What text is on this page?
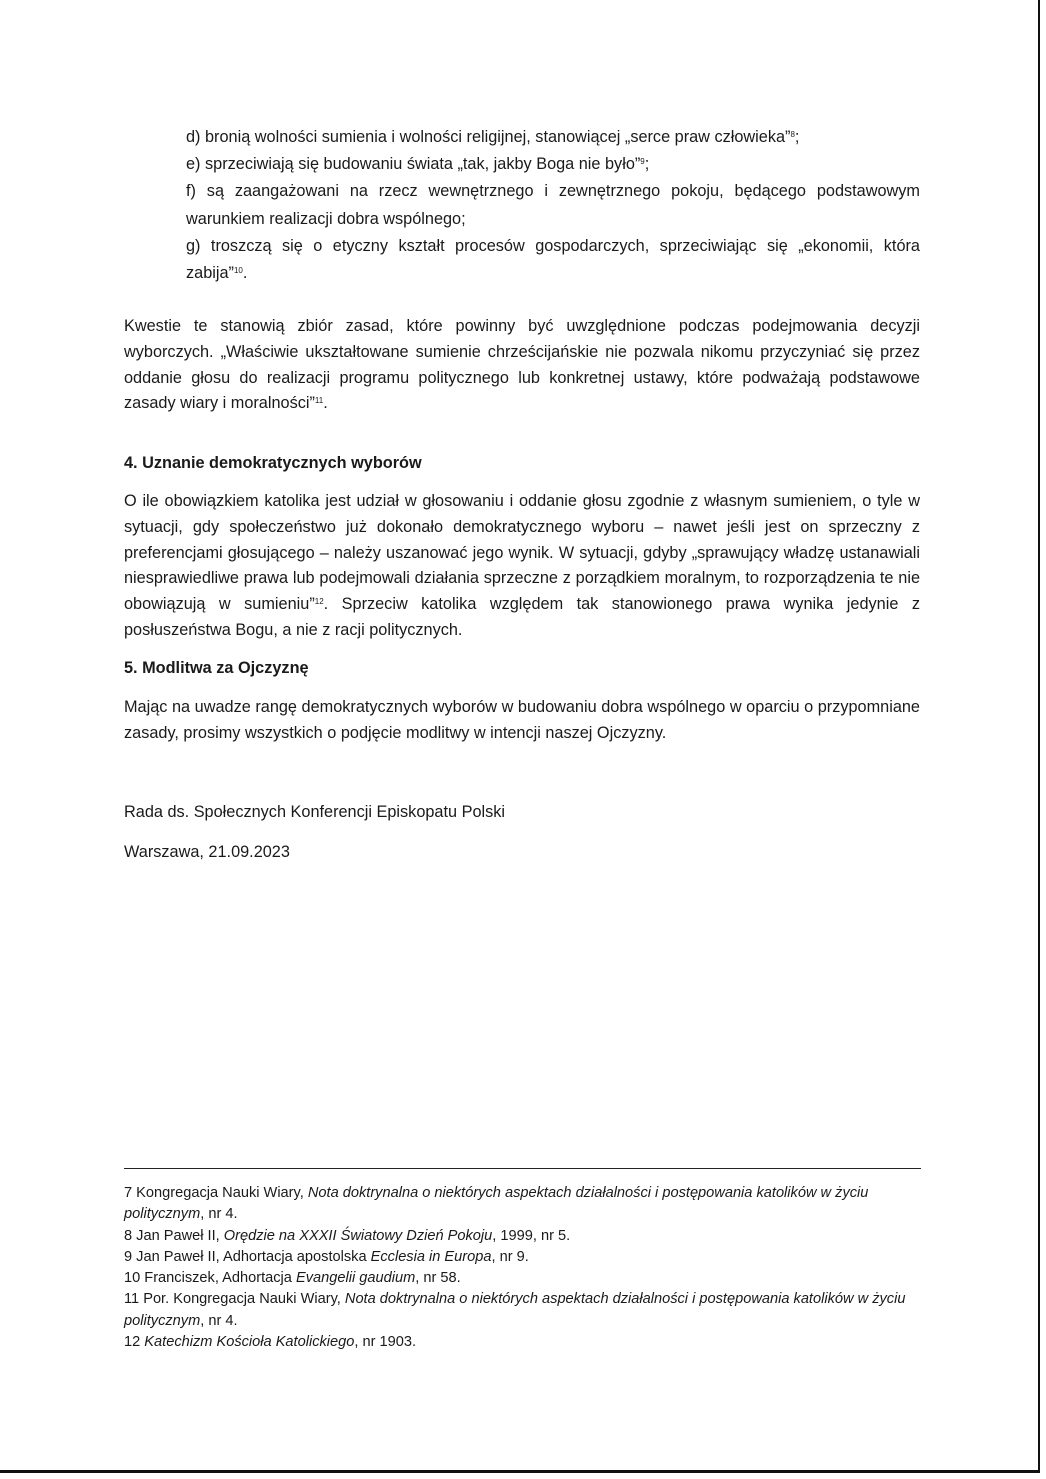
d) bronią wolności sumienia i wolności religijnej, stanowiącej „serce praw człowieka”$^8$;

e) sprzeciwiają się budowaniu świata „tak, jakby Boga nie było”$^9$;

f) są zaangażowani na rzecz wewnętrznego i zewnętrznego pokoju, będącego podstawowym warunkiem realizacji dobra wspólnego;

g) troszczą się o etyczny kształt procesów gospodarczych, sprzeciwiając się „ekonomii, która zabija”$^{10}$.

Kwestie te stanowią zbiór zasad, które powinny być uwzględnione podczas podejmowania decyzji wyborczych. „Właściwie ukształtowane sumienie chrześcijańskie nie pozwala nikomu przyczyniać się przez oddanie głosu do realizacji programu politycznego lub konkretnej ustawy, które podważają podstawowe zasady wiary i moralności”$^{11}$.

4. Uznanie demokratycznych wyborów

O ile obowiązkiem katolika jest udział w głosowaniu i oddanie głosu zgodnie z własnym sumieniem, o tyle w sytuacji, gdy społeczeństwo już dokonało demokratycznego wyboru – nawet jeśli jest on sprzeczny z preferencjami głosującego – należy uszanować jego wynik. W sytuacji, gdyby „sprawujący władzę ustanawiali niesprawiedliwe prawa lub podejmowali działania sprzeczne z porządkiem moralnym, to rozporządzenia te nie obowiązują w sumieniu”$^{12}$. Sprzeciw katolika względem tak stanowionego prawa wynika jedynie z posłuszeństwa Bogu, a nie z racji politycznych.

5. Modlitwa za Ojczyznę

Mając na uwadze rangę demokratycznych wyborów w budowaniu dobra wspólnego w oparciu o przypomniane zasady, prosimy wszystkich o podjęcie modlitwy w intencji naszej Ojczyzny.

Rada ds. Społecznych Konferencji Episkopatu Polski
Warszawa, 21.09.2023

7 Kongregacja Nauki Wiary, Nota doktrynalna o niektórych aspektach działalności i postępowania katolików w życiu politycznym, nr 4.

8 Jan Paweł II, Orędzie na XXXII Światowy Dzień Pokoju, 1999, nr 5.

9 Jan Paweł II, Adhortacja apostolska Ecclesia in Europa, nr 9.

10 Franciszek, Adhortacja Evangelii gaudium, nr 58.

11 Por. Kongregacja Nauki Wiary, Nota doktrynalna o niektórych aspektach działalności i postępowania katolików w życiu politycznym, nr 4.

12 Katechizm Kościoła Katolickiego, nr 1903.
